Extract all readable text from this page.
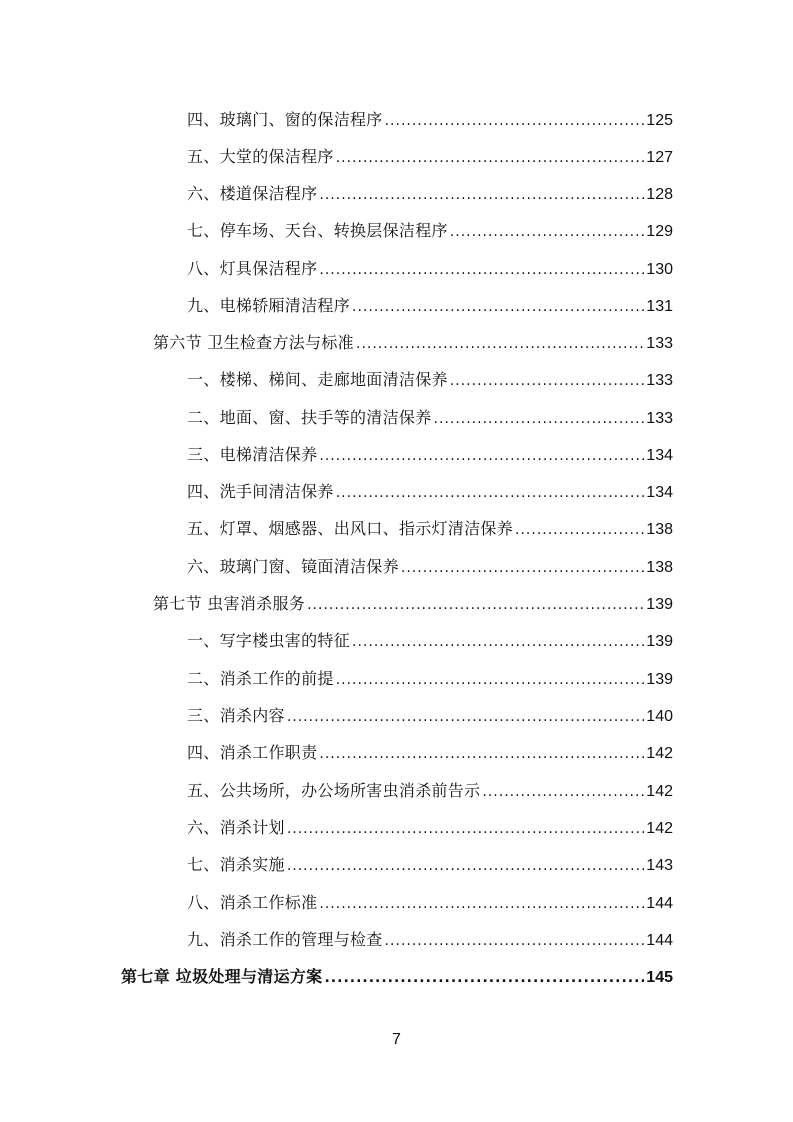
四、玻璃门、窗的保洁程序 .....	125
五、大堂的保洁程序 .....	127
六、楼道保洁程序 .....	128
七、停车场、天台、转换层保洁程序 .....	129
八、灯具保洁程序 .....	130
九、电梯轿厢清洁程序 .....	131
第六节 卫生检查方法与标准 .....	133
一、楼梯、梯间、走廊地面清洁保养 .....	133
二、地面、窗、扶手等的清洁保养 .....	133
三、电梯清洁保养 .....	134
四、洗手间清洁保养 .....	134
五、灯罩、烟感器、出风口、指示灯清洁保养 .....	138
六、玻璃门窗、镜面清洁保养 .....	138
第七节 虫害消杀服务 .....	139
一、写字楼虫害的特征 .....	139
二、消杀工作的前提 .....	139
三、消杀内容 .....	140
四、消杀工作职责 .....	142
五、公共场所，办公场所害虫消杀前告示 .....	142
六、消杀计划 .....	142
七、消杀实施 .....	143
八、消杀工作标准 .....	144
九、消杀工作的管理与检查 .....	144
第七章 垃圾处理与清运方案 .....	145
7
